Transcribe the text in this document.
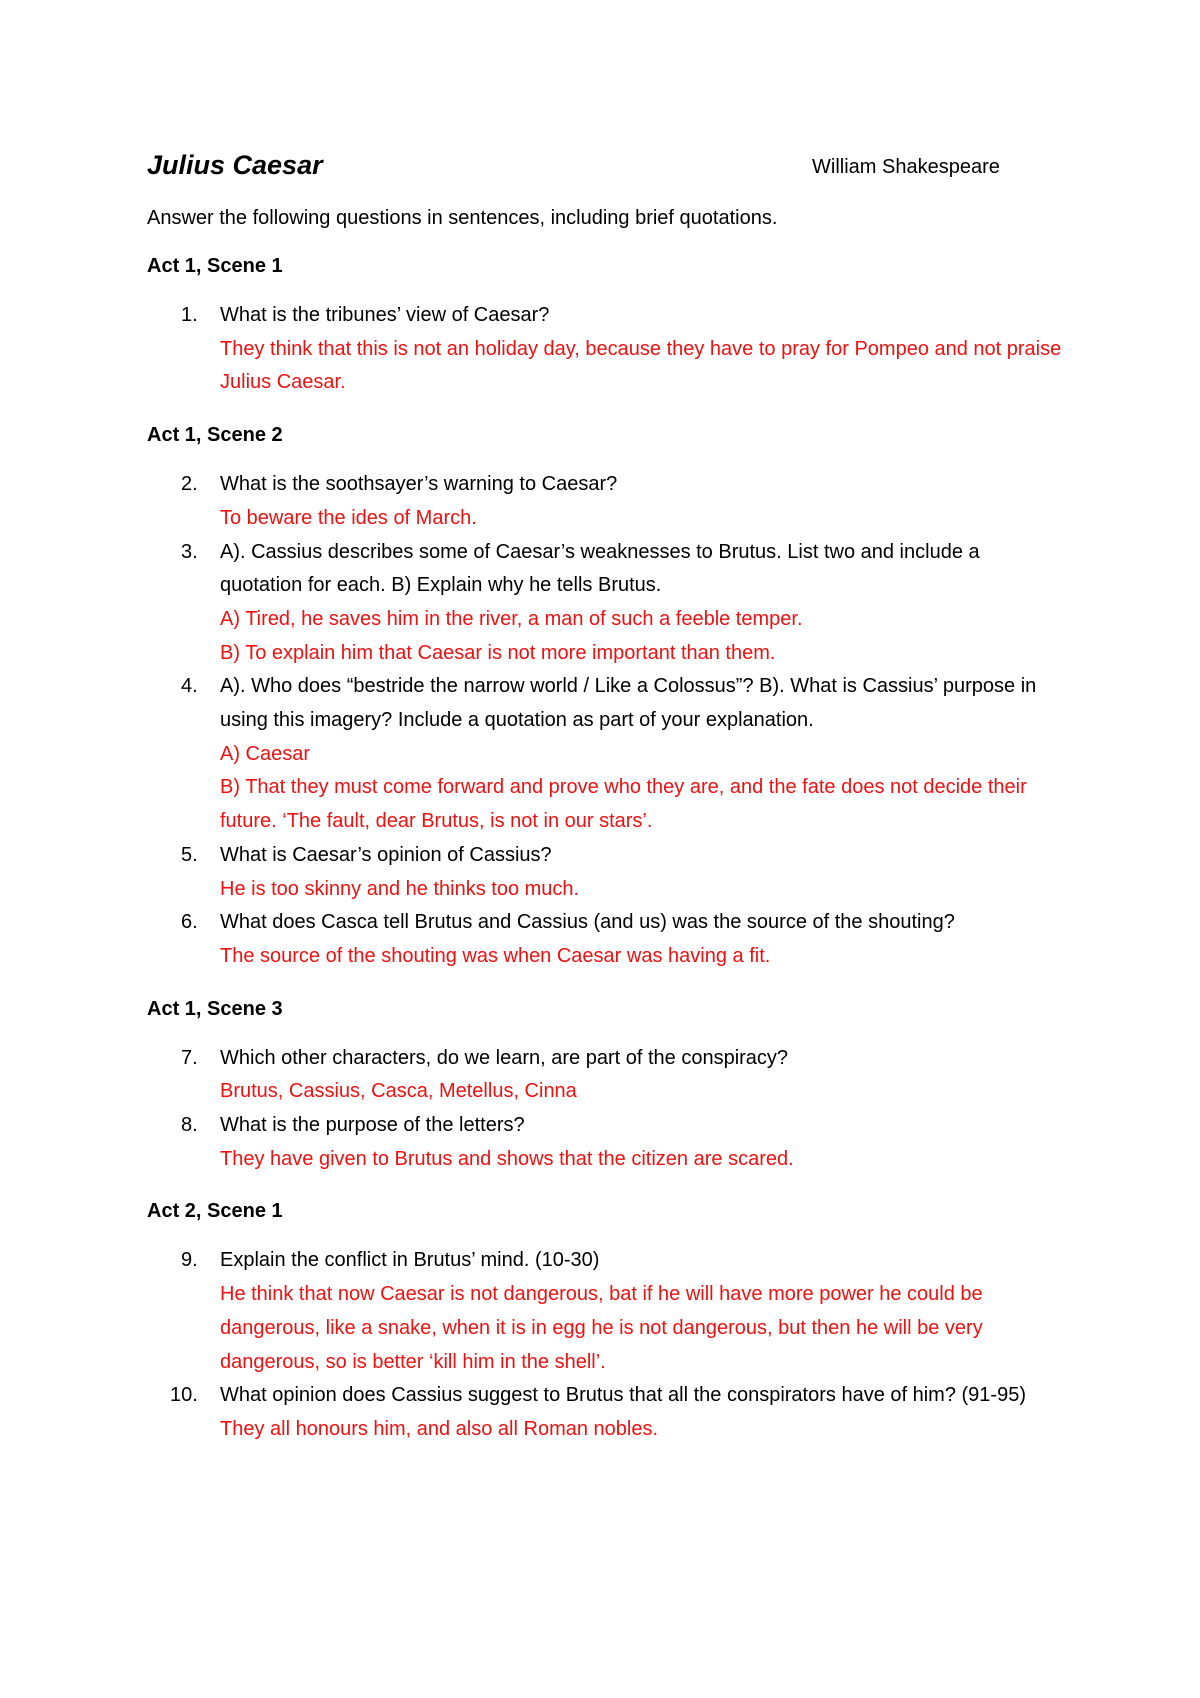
Julius Caesar	William Shakespeare
Answer the following questions in sentences, including brief quotations.
Act 1, Scene 1
1. What is the tribunes’ view of Caesar?
They think that this is not an holiday day, because they have to pray for Pompeo and not praise Julius Caesar.
Act 1, Scene 2
2. What is the soothsayer’s warning to Caesar?
To beware the ides of March.
3. A). Cassius describes some of Caesar’s weaknesses to Brutus. List two and include a quotation for each. B) Explain why he tells Brutus.
A) Tired, he saves him in the river, a man of such a feeble temper.
B) To explain him that Caesar is not more important than them.
4. A). Who does “bestride the narrow world / Like a Colossus”? B). What is Cassius’ purpose in using this imagery? Include a quotation as part of your explanation.
A) Caesar
B) That they must come forward and prove who they are, and the fate does not decide their future. ‘The fault, dear Brutus, is not in our stars’.
5. What is Caesar’s opinion of Cassius?
He is too skinny and he thinks too much.
6. What does Casca tell Brutus and Cassius (and us) was the source of the shouting?
The source of the shouting was when Caesar was having a fit.
Act 1, Scene 3
7. Which other characters, do we learn, are part of the conspiracy?
Brutus, Cassius, Casca, Metellus, Cinna
8. What is the purpose of the letters?
They have given to Brutus and shows that the citizen are scared.
Act 2, Scene 1
9. Explain the conflict in Brutus’ mind. (10-30)
He think that now Caesar is not dangerous, bat if he will have more power he could be dangerous, like a snake, when it is in egg he is not dangerous, but then he will be very dangerous, so is better ‘kill him in the shell’.
10. What opinion does Cassius suggest to Brutus that all the conspirators have of him? (91-95)
They all honours him, and also all Roman nobles.
